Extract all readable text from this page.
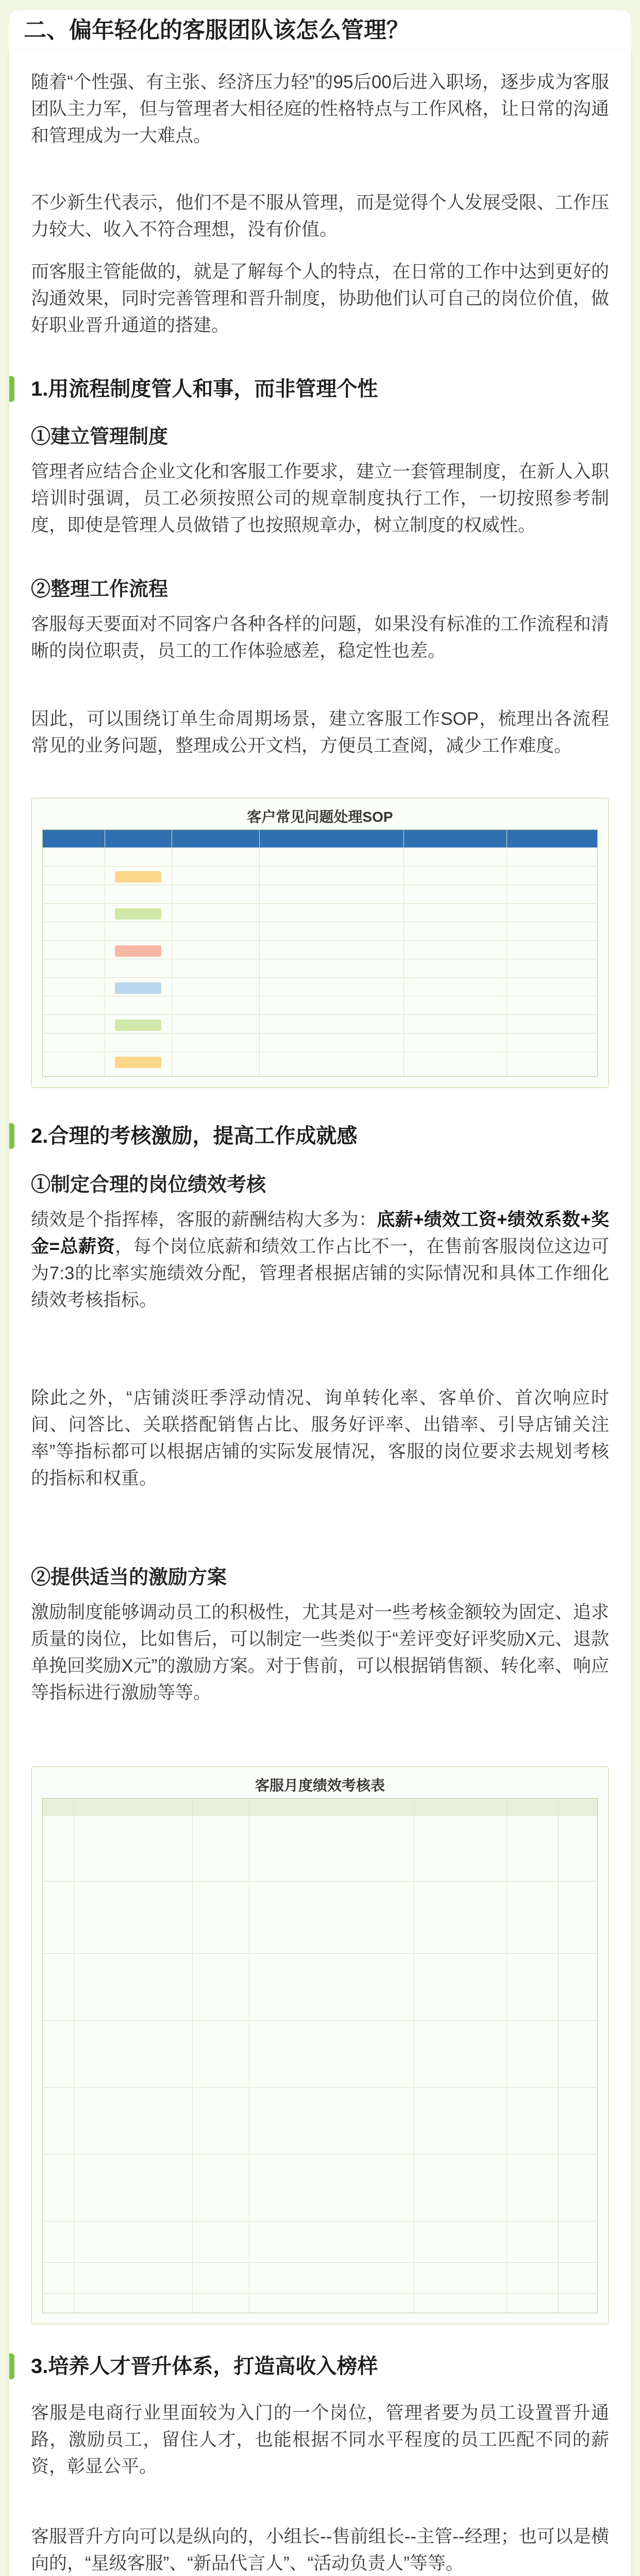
二、偏年轻化的客服团队该怎么管理？

随着“个性强、有主张、经济压力轻”的95后00后进入职场，逐步成为客服团队主力军，但与管理者大相径庭的性格特点与工作风格，让日常的沟通和管理成为一大难点。

不少新生代表示，他们不是不服从管理，而是觉得个人发展受限、工作压力较大、收入不符合理想，没有价值。

而客服主管能做的，就是了解每个人的特点，在日常的工作中达到更好的沟通效果，同时完善管理和晋升制度，协助他们认可自己的岗位价值，做好职业晋升通道的搭建。

1.用流程制度管人和事，而非管理个性
①建立管理制度

管理者应结合企业文化和客服工作要求，建立一套管理制度，在新人入职培训时强调，员工必须按照公司的规章制度执行工作，一切按照参考制度，即使是管理人员做错了也按照规章办，树立制度的权威性。

②整理工作流程

客服每天要面对不同客户各种各样的问题，如果没有标准的工作流程和清晰的岗位职责，员工的工作体验感差，稳定性也差。

因此，可以围绕订单生命周期场景，建立客服工作SOP，梳理出各流程常见的业务问题，整理成公开文档，方便员工查阅，减少工作难度。

客户常见问题处理SOP
2.合理的考核激励，提高工作成就感
①制定合理的岗位绩效考核

绩效是个指挥棒，客服的薪酬结构大多为：底薪+绩效工资+绩效系数+奖金=总薪资，每个岗位底薪和绩效工作占比不一，在售前客服岗位这边可为7:3的比率实施绩效分配，管理者根据店铺的实际情况和具体工作细化绩效考核指标。

除此之外，“店铺淡旺季浮动情况、询单转化率、客单价、首次响应时间、问答比、关联搭配销售占比、服务好评率、出错率、引导店铺关注率”等指标都可以根据店铺的实际发展情况，客服的岗位要求去规划考核的指标和权重。

②提供适当的激励方案

激励制度能够调动员工的积极性，尤其是对一些考核金额较为固定、追求质量的岗位，比如售后，可以制定一些类似于“差评变好评奖励X元、退款单挽回奖励X元”的激励方案。对于售前，可以根据销售额、转化率、响应等指标进行激励等等。

客服月度绩效考核表
3.培养人才晋升体系，打造高收入榜样

客服是电商行业里面较为入门的一个岗位，管理者要为员工设置晋升通路，激励员工，留住人才，也能根据不同水平程度的员工匹配不同的薪资，彰显公平。

客服晋升方向可以是纵向的，小组长--售前组长--主管--经理；也可以是横向的，“星级客服”、“新品代言人”、“活动负责人”等等。
